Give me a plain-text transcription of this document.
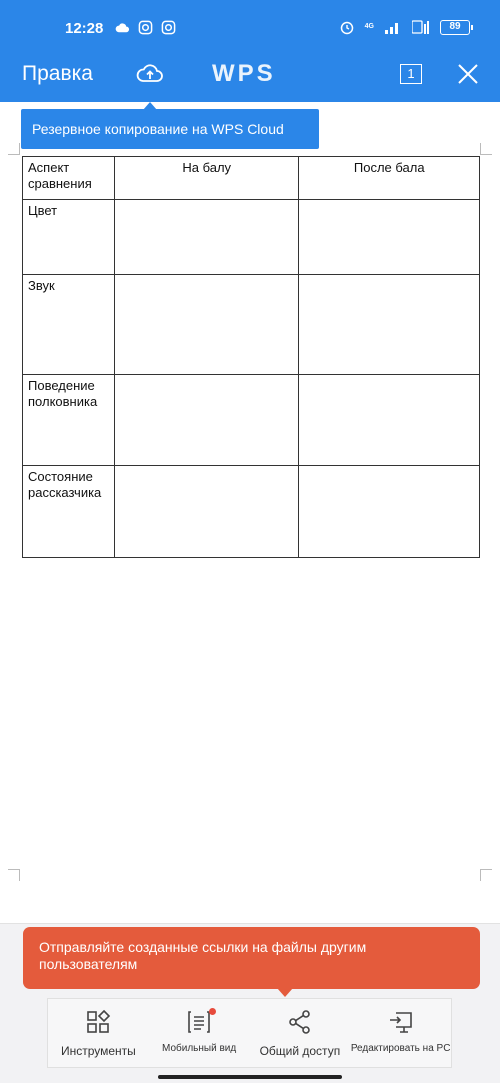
12:28	4G	89
Правка	WPS	1
Резервное копирование на WPS Cloud
Аспект сравнения	На балу	После бала
Цвет		
Звук		
Поведение полковника		
Состояние рассказчика		
Отправляйте созданные ссылки на файлы другим пользователям
Инструменты	Мобильный вид	Общий доступ	Редактировать на PC
